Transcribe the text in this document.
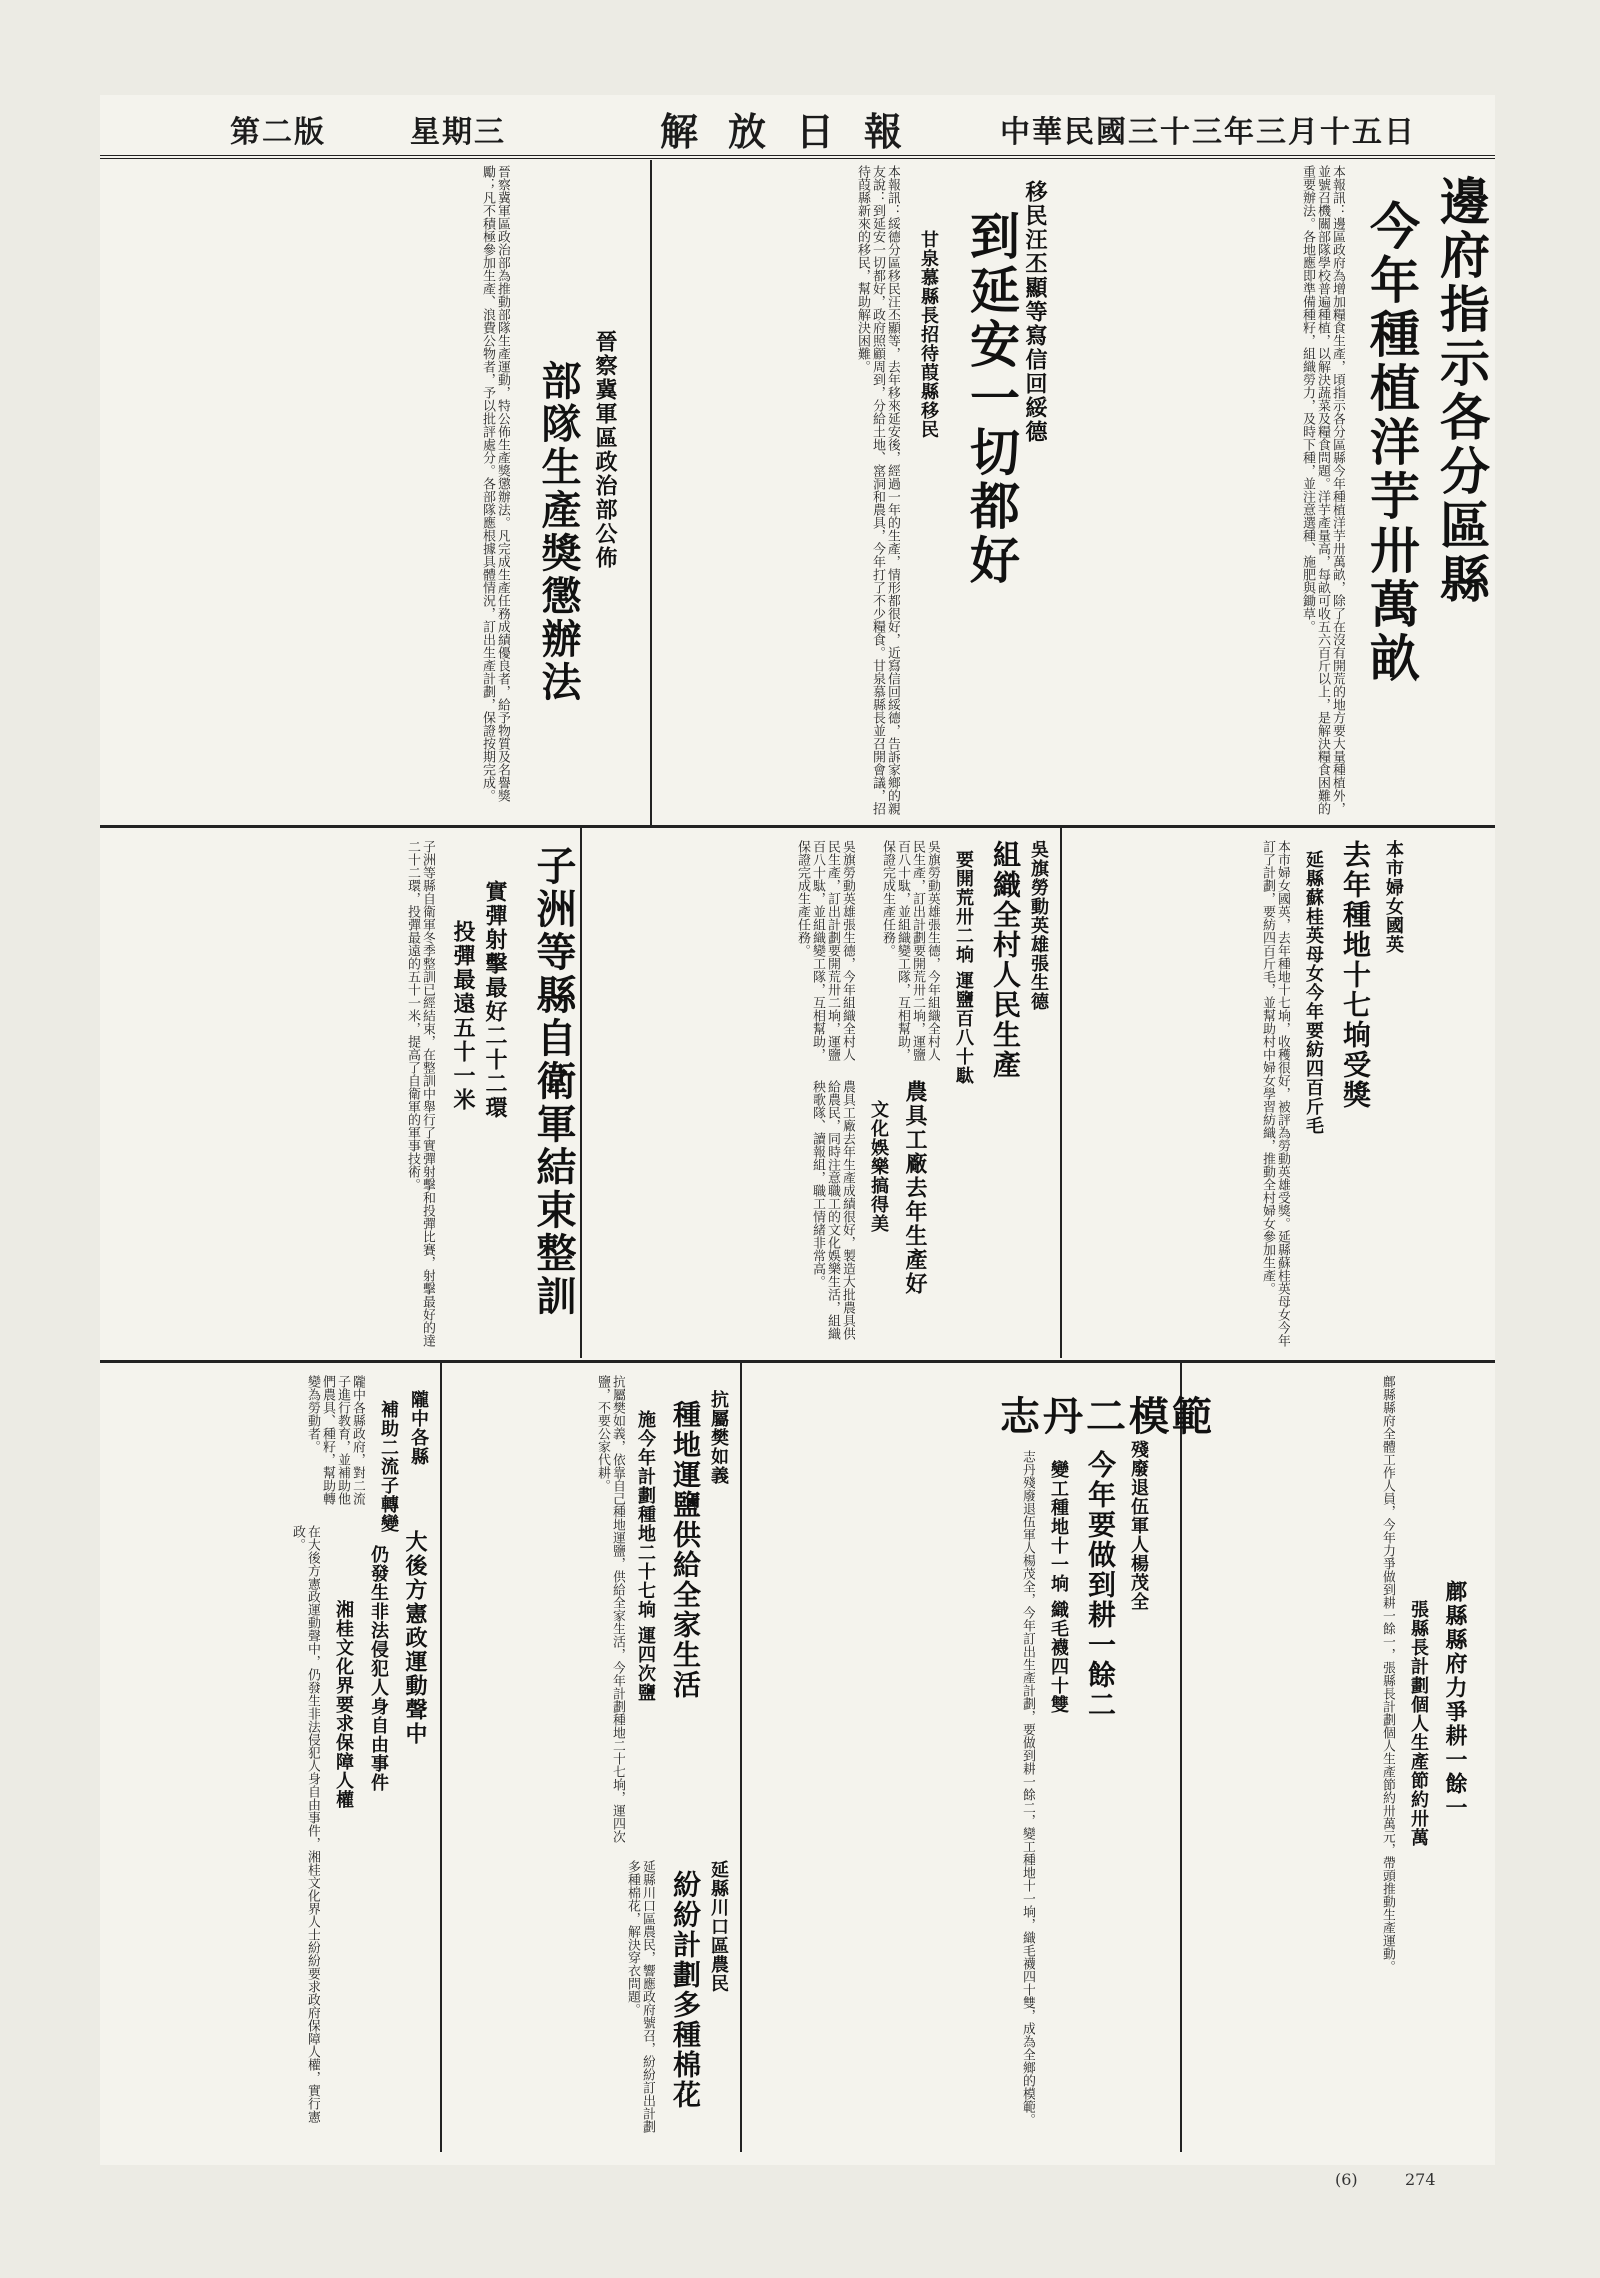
中華民國三十三年三月十五日
解放日報
星期三
第二版
邊府指示各分區縣
今年種植洋芋卅萬畝
本報訊：邊區政府為增加糧食生產，頃指示各分區縣今年種植洋芋卅萬畝，除了在沒有開荒的地方要大量種植外，並號召機關部隊學校普遍種植，以解決蔬菜及糧食問題。洋芋產量高，每畝可收五六百斤以上，是解決糧食困難的重要辦法。各地應即準備種籽，組織勞力，及時下種，並注意選種、施肥與鋤草。
移民汪丕顯等寫信回綏德
到延安一切都好
甘泉慕縣長招待葭縣移民
本報訊：綏德分區移民汪丕顯等，去年移來延安後，經過一年的生產，情形都很好，近寫信回綏德，告訴家鄉的親友說：到延安一切都好，政府照顧周到，分給土地、窰洞和農具，今年打了不少糧食。甘泉慕縣長並召開會議，招待葭縣新來的移民，幫助解決困難。
晉察冀軍區政治部公佈
部隊生產獎懲辦法
晉察冀軍區政治部為推動部隊生產運動，特公佈生產獎懲辦法。凡完成生產任務成績優良者，給予物質及名譽獎勵；凡不積極參加生產、浪費公物者，予以批評處分。各部隊應根據具體情況，訂出生產計劃，保證按期完成。
本市婦女國英
去年種地十七垧受獎
延縣蘇桂英母女今年要紡四百斤毛
本市婦女國英，去年種地十七垧，收穫很好，被評為勞動英雄受獎。延縣蘇桂英母女今年訂了計劃，要紡四百斤毛，並幫助村中婦女學習紡織，推動全村婦女參加生產。
吳旗勞動英雄張生德
組織全村人民生產
要開荒卅二垧 運鹽百八十駄
吳旗勞動英雄張生德，今年組織全村人民生產，訂出計劃要開荒卅二垧，運鹽百八十駄，並組織變工隊，互相幫助，保證完成生產任務。
農具工廠去年生產好
文化娛樂搞得美
農具工廠去年生產成績很好，製造大批農具供給農民，同時注意職工的文化娛樂生活，組織秧歌隊、讀報組，職工情緒非常高。
子洲等縣自衛軍結束整訓
實彈射擊最好二十二環
投彈最遠五十一米
子洲等縣自衛軍冬季整訓已經結束，在整訓中舉行了實彈射擊和投彈比賽，射擊最好的達二十二環，投彈最遠的五十一米，提高了自衛軍的軍事技術。	吳旗勞動英雄張生德，今年組織全村人民生產，訂出計劃要開荒卅二垧，運鹽百八十駄，並組織變工隊，互相幫助，保證完成生產任務。
鄜縣縣府力爭耕一餘一
張縣長計劃個人生產節約卅萬
鄜縣縣府全體工作人員，今年力爭做到耕一餘一，張縣長計劃個人生產節約卅萬元，帶頭推動生產運動。
志丹二模範
殘廢退伍軍人楊茂全
今年要做到耕一餘二
變工種地十一垧 織毛襪四十雙
志丹殘廢退伍軍人楊茂全，今年訂出生產計劃，要做到耕一餘二，變工種地十一垧，織毛襪四十雙，成為全鄉的模範。
抗屬樊如義
種地運鹽供給全家生活
施今年計劃種地二十七垧 運四次鹽
抗屬樊如義，依靠自己種地運鹽，供給全家生活，今年計劃種地二十七垧，運四次鹽，不要公家代耕。
延縣川口區農民
紛紛計劃多種棉花
延縣川口區農民，響應政府號召，紛紛訂出計劃多種棉花，解決穿衣問題。
隴中各縣
補助二流子轉變
隴中各縣政府，對二流子進行教育，並補助他們農具、種籽，幫助轉變為勞動者。
大後方憲政運動聲中
仍發生非法侵犯人身自由事件
湘桂文化界要求保障人權
在大後方憲政運動聲中，仍發生非法侵犯人身自由事件，湘桂文化界人士紛紛要求政府保障人權，實行憲政。
(6)	274
